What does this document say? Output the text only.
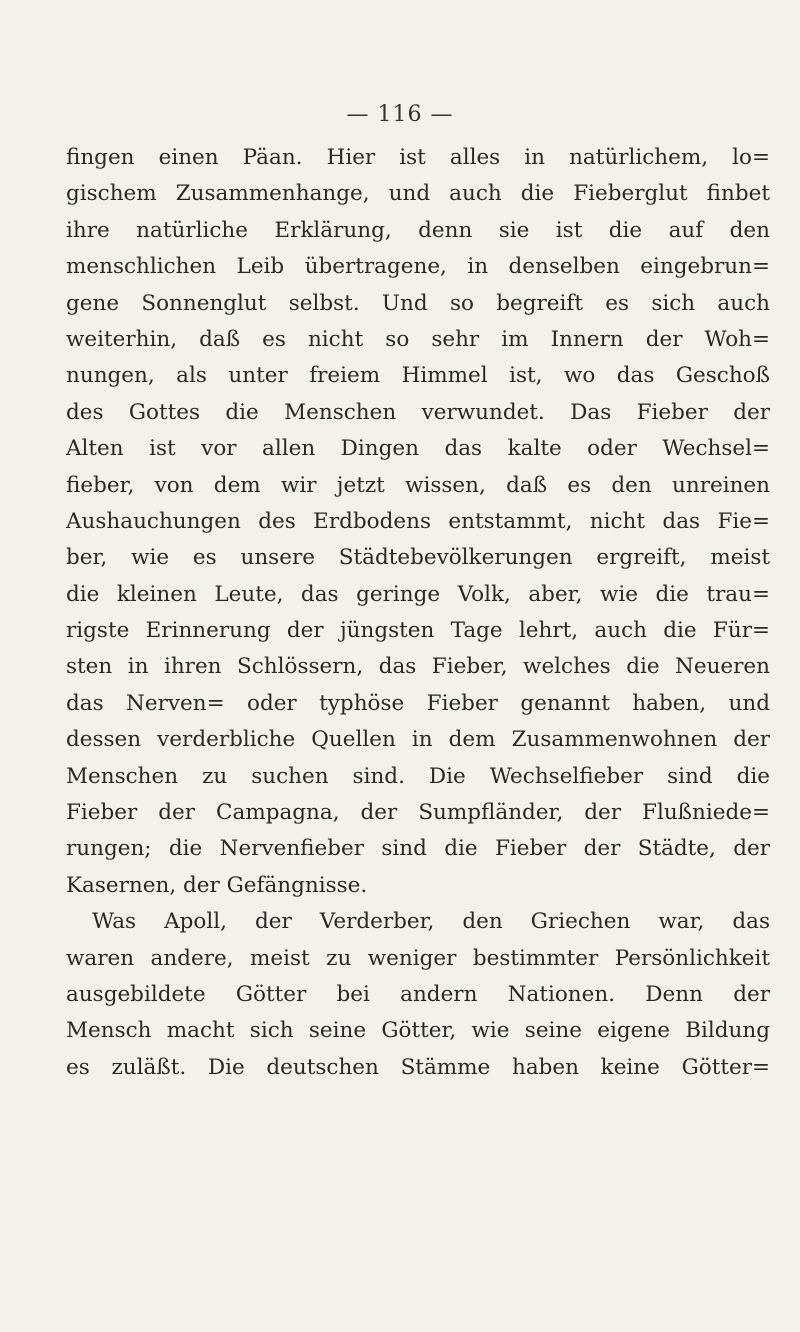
— 116 —
fingen einen Päan. Hier ist alles in natürlichem, lo=
gischem Zusammenhange, und auch die Fieberglut finbet
ihre natürliche Erklärung, denn sie ist die auf den
menschlichen Leib übertragene, in denselben eingebrun=
gene Sonnenglut selbst. Und so begreift es sich auch
weiterhin, daß es nicht so sehr im Innern der Woh=
nungen, als unter freiem Himmel ist, wo das Geschoß
des Gottes die Menschen verwundet. Das Fieber der
Alten ist vor allen Dingen das kalte oder Wechsel=
fieber, von dem wir jetzt wissen, daß es den unreinen
Aushauchungen des Erdbodens entstammt, nicht das Fie=
ber, wie es unsere Städtebevölkerungen ergreift, meist
die kleinen Leute, das geringe Volk, aber, wie die trau=
rigste Erinnerung der jüngsten Tage lehrt, auch die Für=
sten in ihren Schlössern, das Fieber, welches die Neueren
das Nerven= oder typhöse Fieber genannt haben, und
dessen verderbliche Quellen in dem Zusammenwohnen der
Menschen zu suchen sind. Die Wechselfieber sind die
Fieber der Campagna, der Sumpfländer, der Flußniede=
rungen; die Nervenfieber sind die Fieber der Städte, der
Kasernen, der Gefängnisse.
Was Apoll, der Verderber, den Griechen war, das
waren andere, meist zu weniger bestimmter Persönlichkeit
ausgebildete Götter bei andern Nationen. Denn der
Mensch macht sich seine Götter, wie seine eigene Bildung
es zuläßt. Die deutschen Stämme haben keine Götter=
